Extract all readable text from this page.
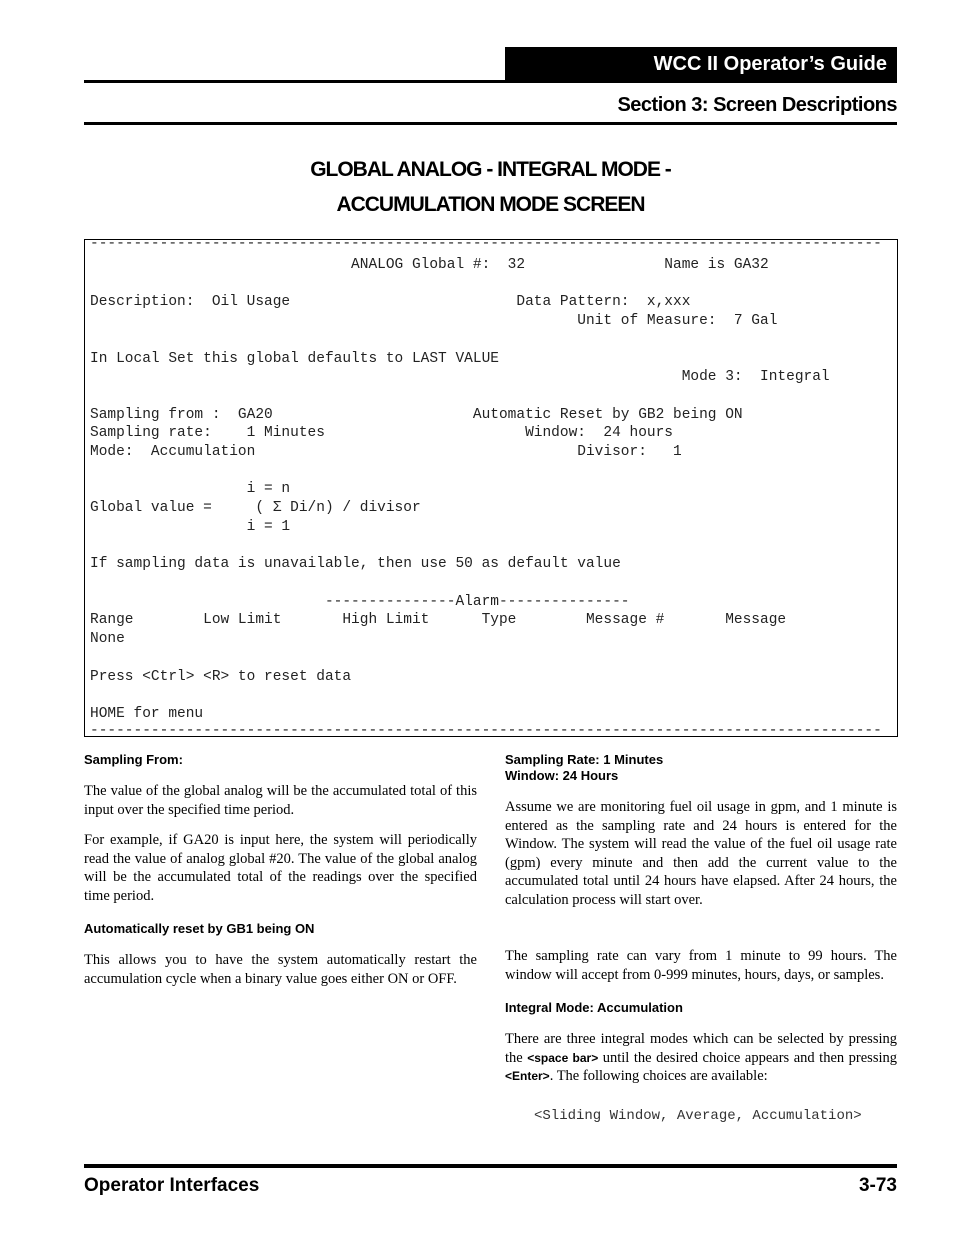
WCC II Operator’s Guide
Section 3: Screen Descriptions
GLOBAL ANALOG - INTEGRAL MODE -
ACCUMULATION MODE SCREEN
-------------------------------------------------------------------------------------------
ANALOG Global #:  32                Name is GA32
Description:  Oil Usage                          Data Pattern:  x,xxx
Unit of Measure:  7 Gal
In Local Set this global defaults to LAST VALUE
Mode 3:  Integral
Sampling from :  GA20                       Automatic Reset by GB2 being ON
Sampling rate:    1 Minutes                       Window:  24 hours
Mode:  Accumulation                                     Divisor:   1
i = n
Global value =     ( Σ Di/n) / divisor
i = 1
If sampling data is unavailable, then use 50 as default value
---------------Alarm---------------
Range        Low Limit       High Limit      Type        Message #       Message
None
Press <Ctrl> <R> to reset data
HOME for menu
-------------------------------------------------------------------------------------------
Sampling From:

The value of the global analog will be the accumulated total of this input over the specified time period.

For example, if GA20 is input here, the system will periodically read the value of analog global #20. The value of the global analog will be the accumulated total of the readings over the specified time period.

Automatically reset by GB1 being ON

This allows you to have the system automatically restart the accumulation cycle when a binary value goes either ON or OFF.

Sampling Rate: 1 Minutes
Window: 24 Hours

Assume we are monitoring fuel oil usage in gpm, and 1 minute is entered as the sampling rate and 24 hours is entered for the Window. The system will read the value of the fuel oil usage rate (gpm) every minute and then add the current value to the accumulated total until 24 hours have elapsed. After 24 hours, the calculation process will start over.

The sampling rate can vary from 1 minute to 99 hours. The window will accept from 0-999 minutes, hours, days, or samples.

Integral Mode: Accumulation

There are three integral modes which can be selected by pressing the <space bar> until the desired choice appears and then pressing <Enter>. The following choices are available:

<Sliding Window, Average, Accumulation>
Operator Interfaces	3-73
